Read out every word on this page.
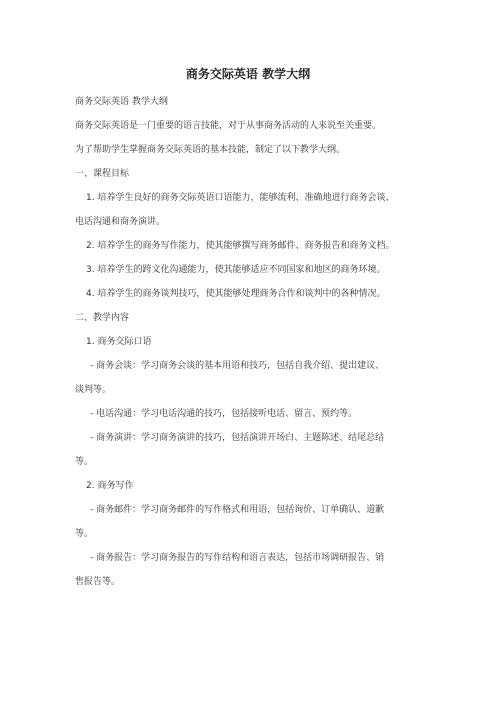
商务交际英语 教学大纲
商务交际英语 教学大纲
商务交际英语是一门重要的语言技能，对于从事商务活动的人来说至关重要。
为了帮助学生掌握商务交际英语的基本技能，制定了以下教学大纲。
一、课程目标
1. 培养学生良好的商务交际英语口语能力，能够流利、准确地进行商务会谈、
电话沟通和商务演讲。
2. 培养学生的商务写作能力，使其能够撰写商务邮件、商务报告和商务文档。
3. 培养学生的跨文化沟通能力，使其能够适应不同国家和地区的商务环境。
4. 培养学生的商务谈判技巧，使其能够处理商务合作和谈判中的各种情况。
二、教学内容
1. 商务交际口语
- 商务会谈：学习商务会谈的基本用语和技巧，包括自我介绍、提出建议、
谈判等。
- 电话沟通：学习电话沟通的技巧，包括接听电话、留言、预约等。
- 商务演讲：学习商务演讲的技巧，包括演讲开场白、主题陈述、结尾总结
等。
2. 商务写作
- 商务邮件：学习商务邮件的写作格式和用语，包括询价、订单确认、道歉
等。
- 商务报告：学习商务报告的写作结构和语言表达，包括市场调研报告、销
售报告等。
